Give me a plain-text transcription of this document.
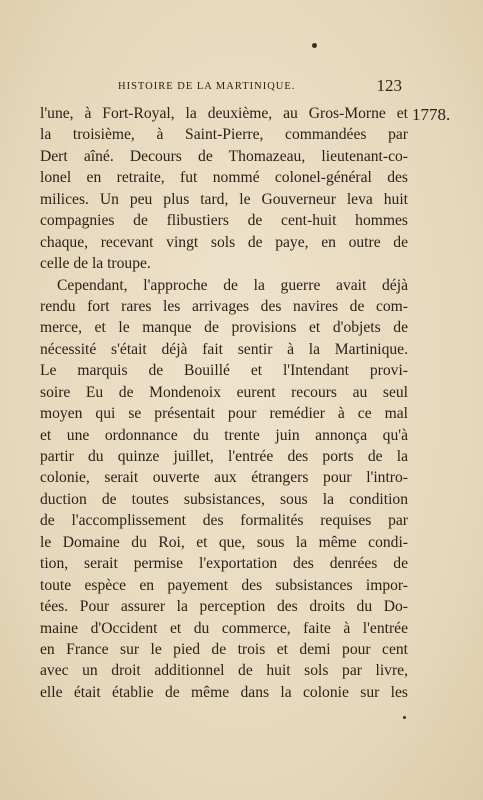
HISTOIRE DE LA MARTINIQUE.	123
1778.
l'une, à Fort-Royal, la deuxième, au Gros-Morne et
la troisième, à Saint-Pierre, commandées par
Dert aîné. Decours de Thomazeau, lieutenant-co-
lonel en retraite, fut nommé colonel-général des
milices. Un peu plus tard, le Gouverneur leva huit
compagnies de flibustiers de cent-huit hommes
chaque, recevant vingt sols de paye, en outre de
celle de la troupe.
Cependant, l'approche de la guerre avait déjà
rendu fort rares les arrivages des navires de com-
merce, et le manque de provisions et d'objets de
nécessité s'était déjà fait sentir à la Martinique.
Le marquis de Bouillé et l'Intendant provi-
soire Eu de Mondenoix eurent recours au seul
moyen qui se présentait pour remédier à ce mal
et une ordonnance du trente juin annonça qu'à
partir du quinze juillet, l'entrée des ports de la
colonie, serait ouverte aux étrangers pour l'intro-
duction de toutes subsistances, sous la condition
de l'accomplissement des formalités requises par
le Domaine du Roi, et que, sous la même condi-
tion, serait permise l'exportation des denrées de
toute espèce en payement des subsistances impor-
tées. Pour assurer la perception des droits du Do-
maine d'Occident et du commerce, faite à l'entrée
en France sur le pied de trois et demi pour cent
avec un droit additionnel de huit sols par livre,
elle était établie de même dans la colonie sur les
